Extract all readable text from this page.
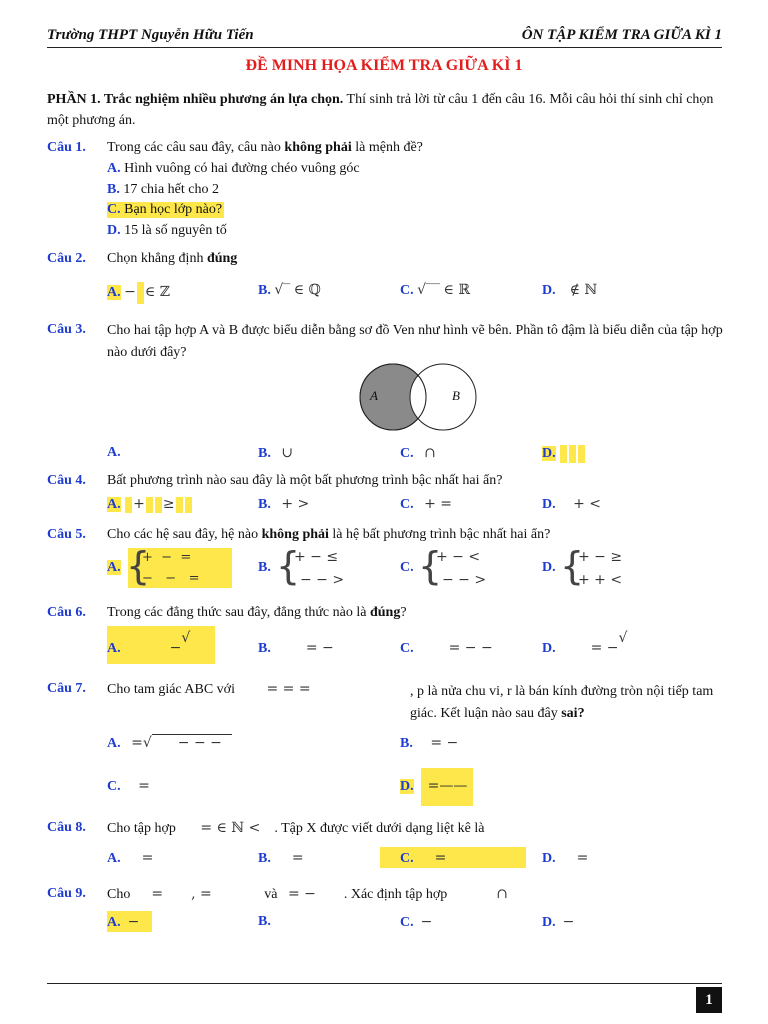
Trường THPT Nguyễn Hữu Tiến	ÔN TẬP KIỂM TRA GIỮA KÌ 1
ĐỀ MINH HỌA KIỂM TRA GIỮA KÌ 1
PHẦN 1. Trắc nghiệm nhiều phương án lựa chọn. Thí sinh trả lời từ câu 1 đến câu 16. Mỗi câu hỏi thí sinh chỉ chọn một phương án.
Câu 1. Trong các câu sau đây, câu nào không phải là mệnh đề?
A. Hình vuông có hai đường chéo vuông góc
B. 17 chia hết cho 2
C. Bạn học lớp nào?
D. 15 là số nguyên tố
Câu 2. Chọn khẳng định đúng
A. − ∈ ℤ	B. √‾ ∈ ℚ	C. √‾‾ ∈ ℝ	D. ∉ ℕ
Câu 3. Cho hai tập hợp A và B được biểu diễn bằng sơ đồ Ven như hình vẽ bên. Phần tô đậm là biểu diễn của tập hợp nào dưới đây?
A	B
A.	B. ∪	C. ∩	D.
Câu 4. Bất phương trình nào sau đây là một bất phương trình bậc nhất hai ẩn?
A. + ≥	B. + >	C. + =	D. + <
Câu 5. Cho các hệ sau đây, hệ nào không phải là hệ bất phương trình bậc nhất hai ẩn?
A. {
+  −  =
−   −   =
B. {
+ − ≤
− − >
C. {
+ − <
− − >
D. {
+ − ≥
+ + <
Câu 6. Trong các đẳng thức sau đây, đẳng thức nào là đúng?
A.	−√
B.	= −	C.	= − −	D.	= −√
Câu 7. Cho tam giác ABC với = = =	, p là nửa chu vi, r là bán kính đường tròn nội tiếp tam giác. Kết luận nào sau đây sai?
A. =√ − − −	B. = −
C. =	D. =——
Câu 8. Cho tập hợp = ∈ ℕ < . Tập X được viết dưới dạng liệt kê là
A. =	B. =	C. =	D. =
Câu 9. Cho = , =	và = − . Xác định tập hợp	∩
A. −	B.	C. −	D. −
1
